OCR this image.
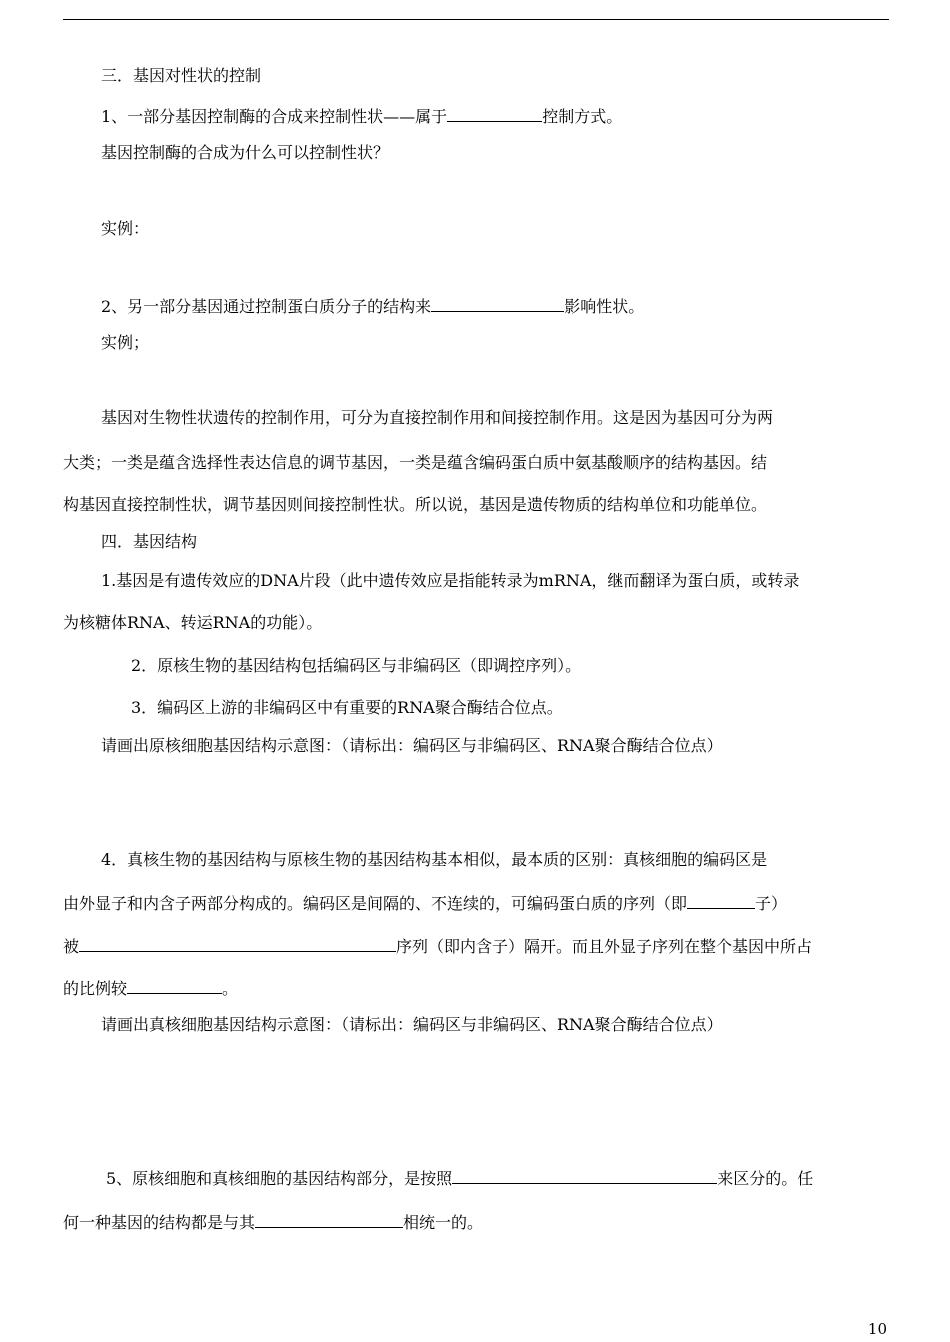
三．基因对性状的控制
1、一部分基因控制酶的合成来控制性状——属于	控制方式。
基因控制酶的合成为什么可以控制性状？
实例：
2、另一部分基因通过控制蛋白质分子的结构来	影响性状。
实例；
基因对生物性状遗传的控制作用，可分为直接控制作用和间接控制作用。这是因为基因可分为两
大类；一类是蕴含选择性表达信息的调节基因，一类是蕴含编码蛋白质中氨基酸顺序的结构基因。结
构基因直接控制性状，调节基因则间接控制性状。所以说，基因是遗传物质的结构单位和功能单位。
四．基因结构
1.基因是有遗传效应的DNA片段（此中遗传效应是指能转录为mRNA，继而翻译为蛋白质，或转录
为核糖体RNA、转运RNA的功能）。
2．原核生物的基因结构包括编码区与非编码区（即调控序列）。
3．编码区上游的非编码区中有重要的RNA聚合酶结合位点。
请画出原核细胞基因结构示意图：（请标出：编码区与非编码区、RNA聚合酶结合位点）
4．真核生物的基因结构与原核生物的基因结构基本相似，最本质的区别：真核细胞的编码区是
由外显子和内含子两部分构成的。编码区是间隔的、不连续的，可编码蛋白质的序列（即	子）
被	序列（即内含子）隔开。而且外显子序列在整个基因中所占
的比例较	。
请画出真核细胞基因结构示意图：（请标出：编码区与非编码区、RNA聚合酶结合位点）
5、原核细胞和真核细胞的基因结构部分，是按照	来区分的。任
何一种基因的结构都是与其	相统一的。
10
